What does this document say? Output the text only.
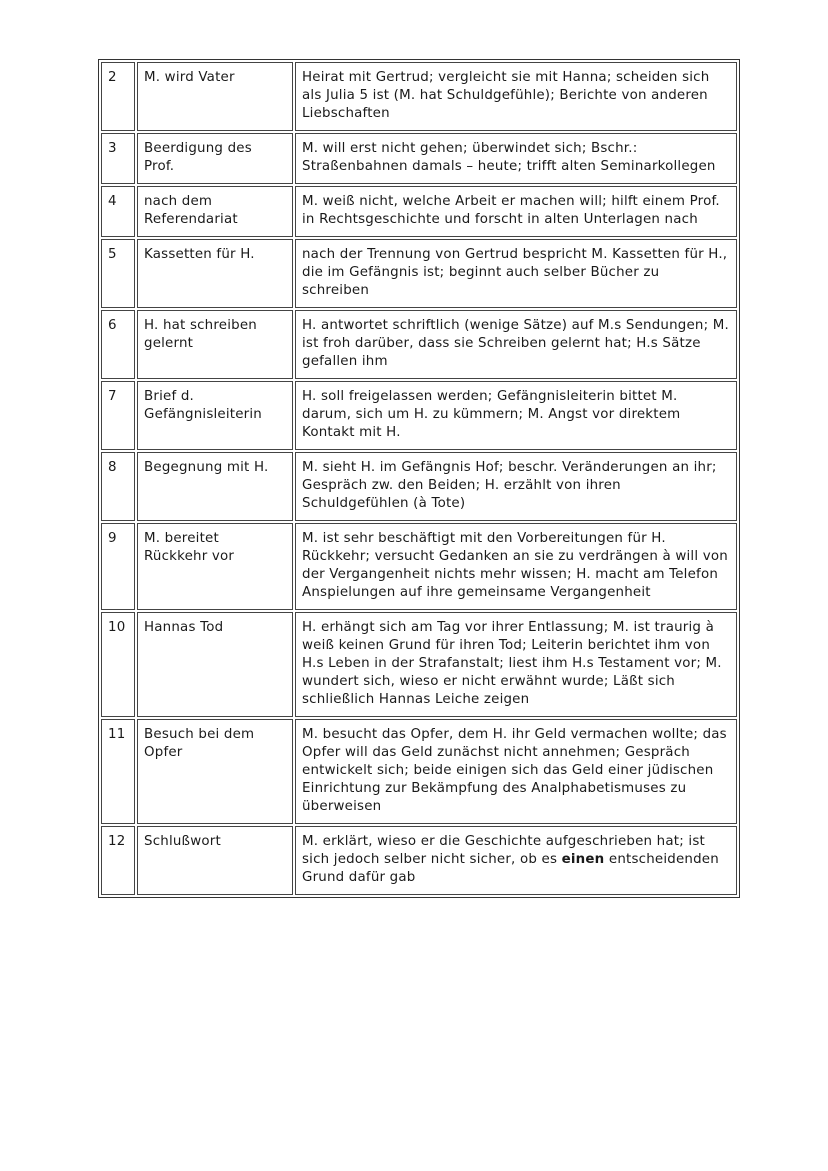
2	M. wird Vater	Heirat mit Gertrud; vergleicht sie mit Hanna; scheiden sich als Julia 5 ist (M. hat Schuldgefühle); Berichte von anderen Liebschaften
3	Beerdigung des Prof.	M. will erst nicht gehen; überwindet sich; Bschr.: Straßenbahnen damals – heute; trifft alten Seminarkollegen
4	nach dem Referendariat	M. weiß nicht, welche Arbeit er machen will; hilft einem Prof. in Rechtsgeschichte und forscht in alten Unterlagen nach
5	Kassetten für H.	nach der Trennung von Gertrud bespricht M. Kassetten für H., die im Gefängnis ist; beginnt auch selber Bücher zu schreiben
6	H. hat schreiben gelernt	H. antwortet schriftlich (wenige Sätze) auf M.s Sendungen; M. ist froh darüber, dass sie Schreiben gelernt hat; H.s Sätze gefallen ihm
7	Brief d. Gefängnisleiterin	H. soll freigelassen werden; Gefängnisleiterin bittet M. darum, sich um H. zu kümmern; M. Angst vor direktem Kontakt mit H.
8	Begegnung mit H.	M. sieht H. im Gefängnis Hof; beschr. Veränderungen an ihr; Gespräch zw. den Beiden; H. erzählt von ihren Schuldgefühlen (à Tote)
9	M. bereitet Rückkehr vor	M. ist sehr beschäftigt mit den Vorbereitungen für H. Rückkehr; versucht Gedanken an sie zu verdrängen à will von der Vergangenheit nichts mehr wissen; H. macht am Telefon Anspielungen auf ihre gemeinsame Vergangenheit
10	Hannas Tod	H. erhängt sich am Tag vor ihrer Entlassung; M. ist traurig à weiß keinen Grund für ihren Tod; Leiterin berichtet ihm von H.s Leben in der Strafanstalt; liest ihm H.s Testament vor; M. wundert sich, wieso er nicht erwähnt wurde; Läßt sich schließlich Hannas Leiche zeigen
11	Besuch bei dem Opfer	M. besucht das Opfer, dem H. ihr Geld vermachen wollte; das Opfer will das Geld zunächst nicht annehmen; Gespräch entwickelt sich; beide einigen sich das Geld einer jüdischen Einrichtung zur Bekämpfung des Analphabetismuses zu überweisen
12	Schlußwort	M. erklärt, wieso er die Geschichte aufgeschrieben hat; ist sich jedoch selber nicht sicher, ob es einen entscheidenden Grund dafür gab
